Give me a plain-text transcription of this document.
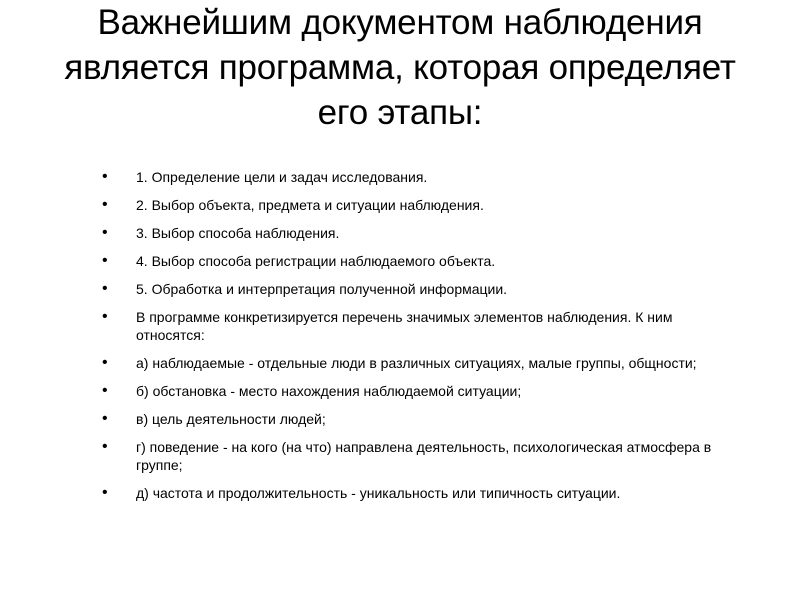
Важнейшим документом наблюдения является программа, которая определяет его этапы:
• 1. Определение цели и задач исследования.
• 2. Выбор объекта, предмета и ситуации наблюдения.
• 3. Выбор способа наблюдения.
• 4. Выбор способа регистрации наблюдаемого объекта.
• 5. Обработка и интерпретация полученной информации.
• В программе конкретизируется перечень значимых элементов наблюдения. К ним относятся:
• а) наблюдаемые - отдельные люди в различных ситуациях, малые группы, общности;
• б) обстановка - место нахождения наблюдаемой ситуации;
• в) цель деятельности людей;
• г) поведение - на кого (на что) направлена деятельность, психологическая атмосфера в группе;
• д) частота и продолжительность - уникальность или типичность ситуации.
